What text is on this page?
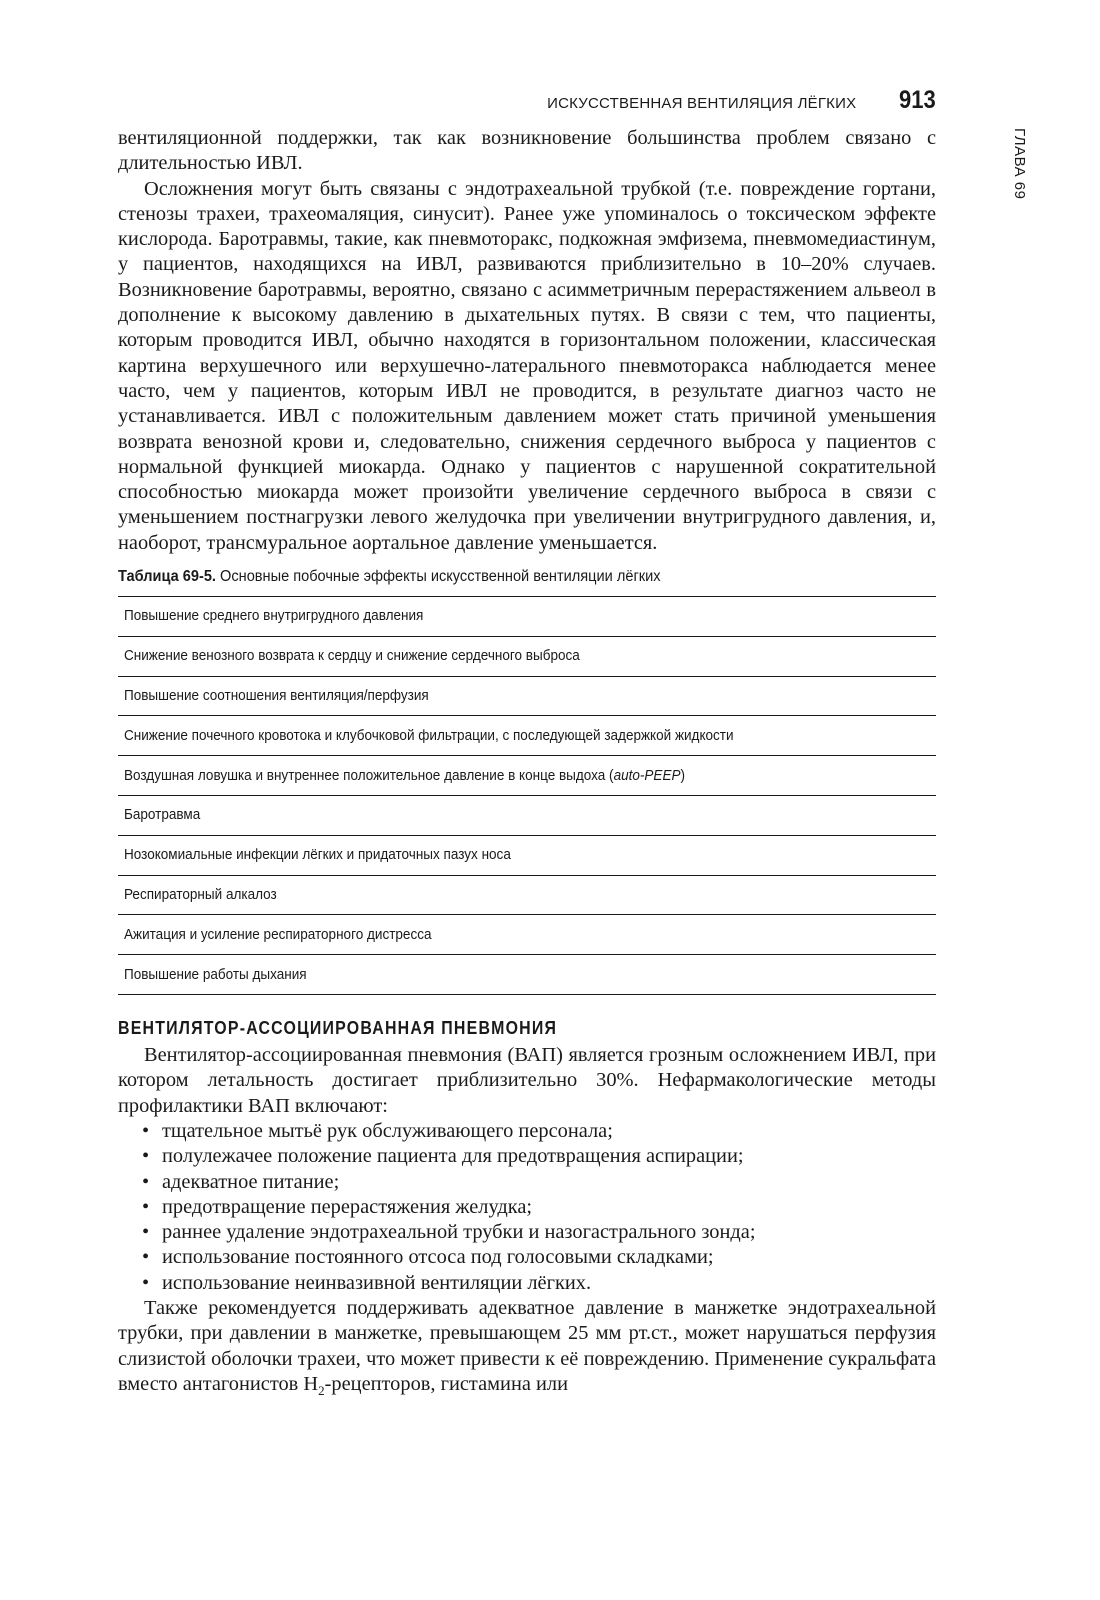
ИСКУССТВЕННАЯ ВЕНТИЛЯЦИЯ ЛЁГКИХ 913
ГЛАВА 69

вентиляционной поддержки, так как возникновение большинства проблем связано с длительностью ИВЛ.

Осложнения могут быть связаны с эндотрахеальной трубкой (т.е. повреждение гортани, стенозы трахеи, трахеомаляция, синусит). Ранее уже упоминалось о токсическом эффекте кислорода. Баротравмы, такие, как пневмоторакс, подкожная эмфизема, пневмомедиастинум, у пациентов, находящихся на ИВЛ, развиваются приблизительно в 10–20% случаев. Возникновение баротравмы, вероятно, связано с асимметричным перерастяжением альвеол в дополнение к высокому давлению в дыхательных путях. В связи с тем, что пациенты, которым проводится ИВЛ, обычно находятся в горизонтальном положении, классическая картина верхушечного или верхушечно-латерального пневмоторакса наблюдается менее часто, чем у пациентов, которым ИВЛ не проводится, в результате диагноз часто не устанавливается. ИВЛ с положительным давлением может стать причиной уменьшения возврата венозной крови и, следовательно, снижения сердечного выброса у пациентов с нормальной функцией миокарда. Однако у пациентов с нарушенной сократительной способностью миокарда может произойти увеличение сердечного выброса в связи с уменьшением постнагрузки левого желудочка при увеличении внутригрудного давления, и, наоборот, трансмуральное аортальное давление уменьшается.

Таблица 69-5. Основные побочные эффекты искусственной вентиляции лёгких
Повышение среднего внутригрудного давления
Снижение венозного возврата к сердцу и снижение сердечного выброса
Повышение соотношения вентиляция/перфузия
Снижение почечного кровотока и клубочковой фильтрации, с последующей задержкой жидкости
Воздушная ловушка и внутреннее положительное давление в конце выдоха (auto-PEEP)
Баротравма
Нозокомиальные инфекции лёгких и придаточных пазух носа
Респираторный алкалоз
Ажитация и усиление респираторного дистресса
Повышение работы дыхания
ВЕНТИЛЯТОР-АССОЦИИРОВАННАЯ ПНЕВМОНИЯ

Вентилятор-ассоциированная пневмония (ВАП) является грозным осложнением ИВЛ, при котором летальность достигает приблизительно 30%. Нефармакологические методы профилактики ВАП включают:

• тщательное мытьё рук обслуживающего персонала;
• полулежачее положение пациента для предотвращения аспирации;
• адекватное питание;
• предотвращение перерастяжения желудка;
• раннее удаление эндотрахеальной трубки и назогастрального зонда;
• использование постоянного отсоса под голосовыми складками;
• использование неинвазивной вентиляции лёгких.

Также рекомендуется поддерживать адекватное давление в манжетке эндотрахеальной трубки, при давлении в манжетке, превышающем 25 мм рт.ст., может нарушаться перфузия слизистой оболочки трахеи, что может привести к её повреждению. Применение сукральфата вместо антагонистов $H_2$-рецепторов, гистамина или
